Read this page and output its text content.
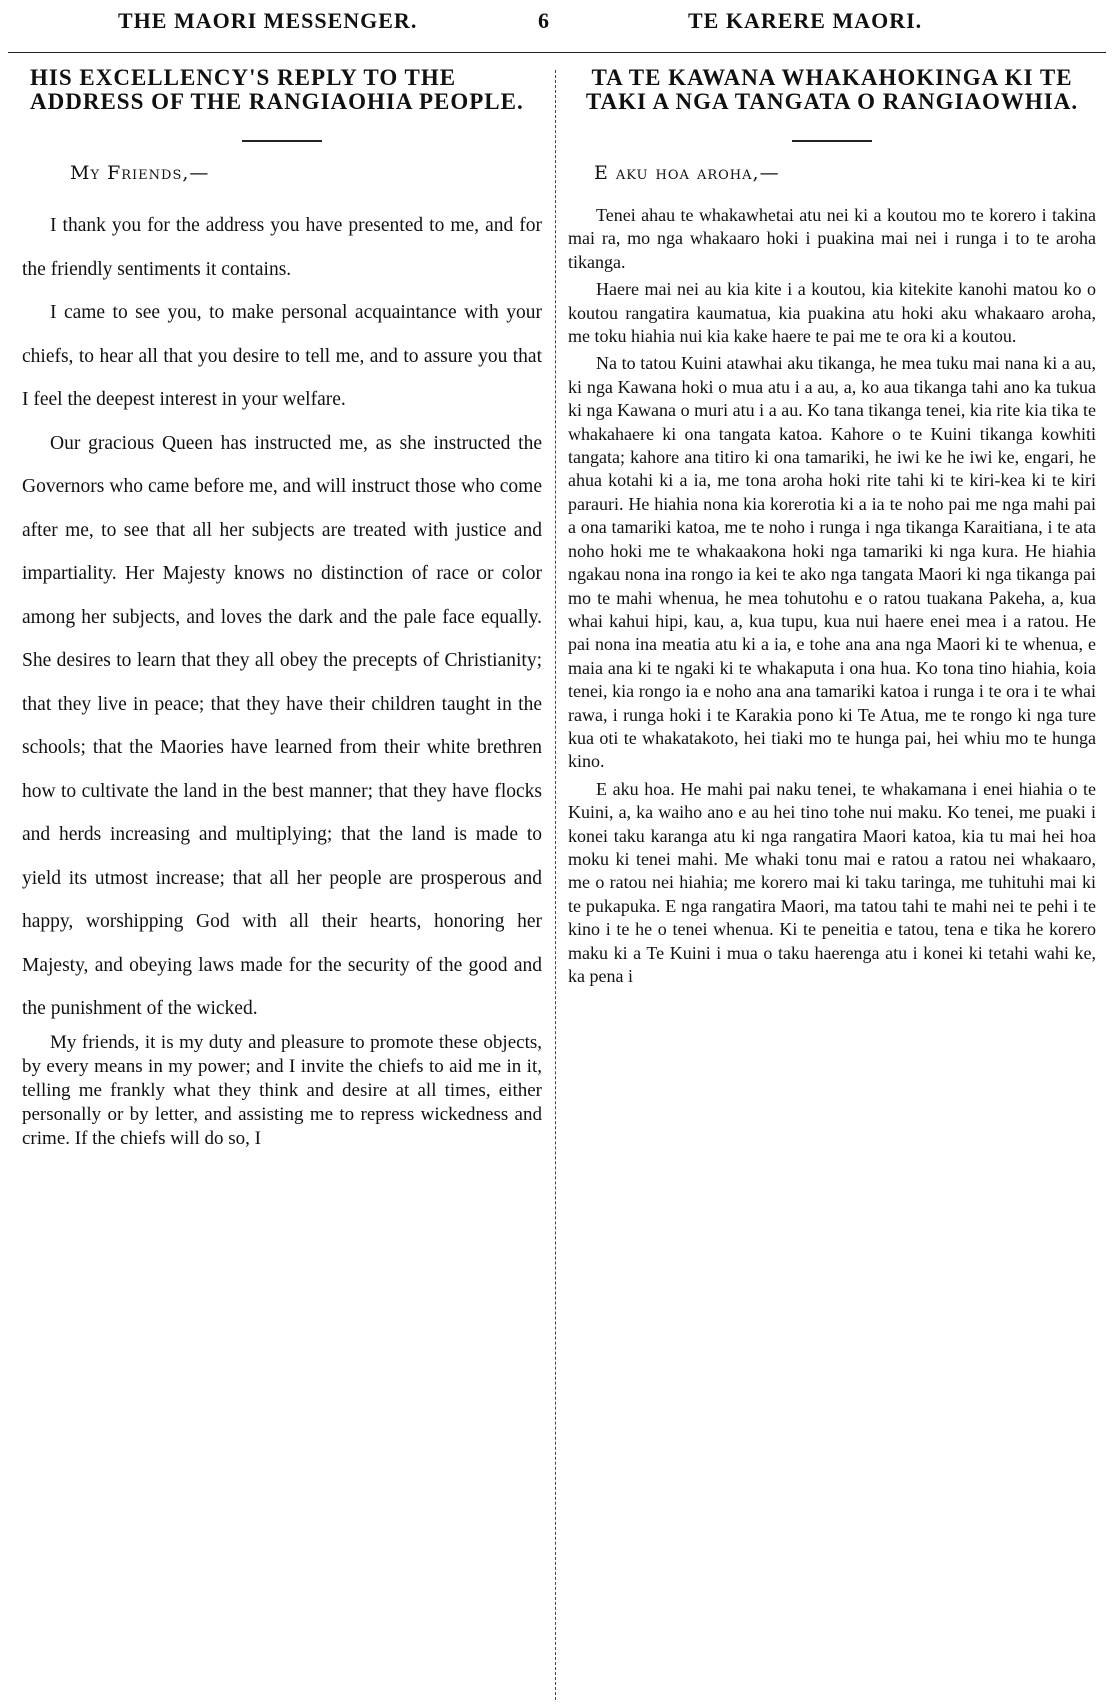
THE MAORI MESSENGER.	6	TE KARERE MAORI.
HIS EXCELLENCY'S REPLY TO THE ADDRESS OF THE RANGIAOHIA PEOPLE.

My Friends,—

I thank you for the address you have presented to me, and for the friendly sentiments it contains.

I came to see you, to make personal acquaintance with your chiefs, to hear all that you desire to tell me, and to assure you that I feel the deepest interest in your welfare.

Our gracious Queen has instructed me, as she instructed the Governors who came before me, and will instruct those who come after me, to see that all her subjects are treated with justice and impartiality. Her Majesty knows no distinction of race or color among her subjects, and loves the dark and the pale face equally. She desires to learn that they all obey the precepts of Christianity; that they live in peace; that they have their children taught in the schools; that the Maories have learned from their white brethren how to cultivate the land in the best manner; that they have flocks and herds increasing and multiplying; that the land is made to yield its utmost increase; that all her people are prosperous and happy, worshipping God with all their hearts, honoring her Majesty, and obeying laws made for the security of the good and the punishment of the wicked.

My friends, it is my duty and pleasure to promote these objects, by every means in my power; and I invite the chiefs to aid me in it, telling me frankly what they think and desire at all times, either personally or by letter, and assisting me to repress wickedness and crime. If the chiefs will do so, I

TA TE KAWANA WHAKAHOKINGA KI TE TAKI A NGA TANGATA O RANGIAOWHIA.

E aku hoa aroha,—

Tenei ahau te whakawhetai atu nei ki a koutou mo te korero i takina mai ra, mo nga whakaaro hoki i puakina mai nei i runga i to te aroha tikanga.

Haere mai nei au kia kite i a koutou, kia kitekite kanohi matou ko o koutou rangatira kaumatua, kia puakina atu hoki aku whakaaro aroha, me toku hiahia nui kia kake haere te pai me te ora ki a koutou.

Na to tatou Kuini atawhai aku tikanga, he mea tuku mai nana ki a au, ki nga Kawana hoki o mua atu i a au, a, ko aua tikanga tahi ano ka tukua ki nga Kawana o muri atu i a au. Ko tana tikanga tenei, kia rite kia tika te whakahaere ki ona tangata katoa. Kahore o te Kuini tikanga kowhiti tangata; kahore ana titiro ki ona tamariki, he iwi ke he iwi ke, engari, he ahua kotahi ki a ia, me tona aroha hoki rite tahi ki te kiri-kea ki te kiri parauri. He hiahia nona kia korerotia ki a ia te noho pai me nga mahi pai a ona tamariki katoa, me te noho i runga i nga tikanga Karaitiana, i te ata noho hoki me te whakaakona hoki nga tamariki ki nga kura. He hiahia ngakau nona ina rongo ia kei te ako nga tangata Maori ki nga tikanga pai mo te mahi whenua, he mea tohutohu e o ratou tuakana Pakeha, a, kua whai kahui hipi, kau, a, kua tupu, kua nui haere enei mea i a ratou. He pai nona ina meatia atu ki a ia, e tohe ana ana nga Maori ki te whenua, e maia ana ki te ngaki ki te whakaputa i ona hua. Ko tona tino hiahia, koia tenei, kia rongo ia e noho ana ana tamariki katoa i runga i te ora i te whai rawa, i runga hoki i te Karakia pono ki Te Atua, me te rongo ki nga ture kua oti te whakatakoto, hei tiaki mo te hunga pai, hei whiu mo te hunga kino.

E aku hoa. He mahi pai naku tenei, te whakamana i enei hiahia o te Kuini, a, ka waiho ano e au hei tino tohe nui maku. Ko tenei, me puaki i konei taku karanga atu ki nga rangatira Maori katoa, kia tu mai hei hoa moku ki tenei mahi. Me whaki tonu mai e ratou a ratou nei whakaaro, me o ratou nei hiahia; me korero mai ki taku taringa, me tuhituhi mai ki te pukapuka. E nga rangatira Maori, ma tatou tahi te mahi nei te pehi i te kino i te he o tenei whenua. Ki te peneitia e tatou, tena e tika he korero maku ki a Te Kuini i mua o taku haerenga atu i konei ki tetahi wahi ke, ka pena i
